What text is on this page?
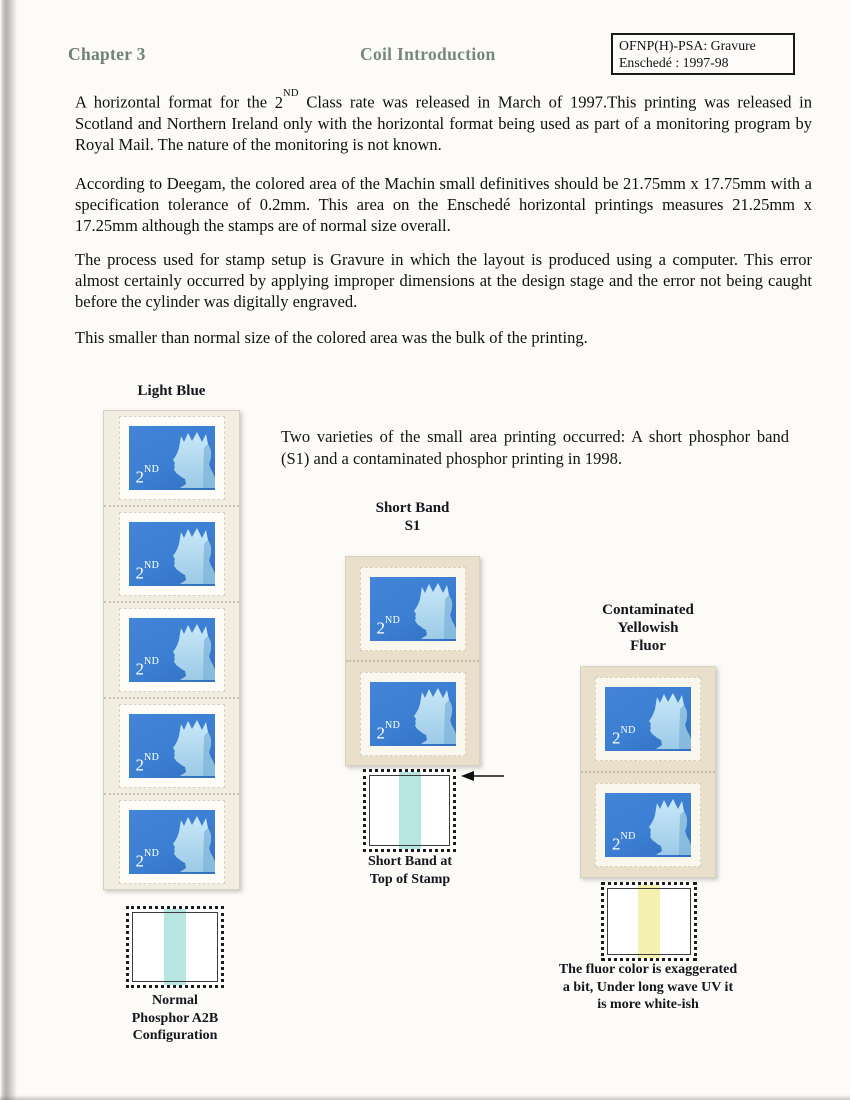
Chapter 3	Coil Introduction	OFNP(H)-PSA: Gravure
Enschedé : 1997-98

A horizontal format for the 2ND Class rate was released in March of 1997.This printing was released in Scotland and Northern Ireland only with the horizontal format being used as part of a monitoring program by Royal Mail. The nature of the monitoring is not known.

According to Deegam, the colored area of the Machin small definitives should be 21.75mm x 17.75mm with a specification tolerance of 0.2mm. This area on the Enschedé horizontal printings measures 21.25mm x 17.25mm although the stamps are of normal size overall.

The process used for stamp setup is Gravure in which the layout is produced using a computer. This error almost certainly occurred by applying improper dimensions at the design stage and the error not being caught before the cylinder was digitally engraved.

This smaller than normal size of the colored area was the bulk of the printing.

Two varieties of the small area printing occurred: A short phosphor band (S1) and a contaminated phosphor printing in 1998.

Light Blue
Short Band
S1
Contaminated
Yellowish
Fluor
2ND
2ND
2ND
2ND
2ND
2ND
2ND
2ND
2ND
Normal
Phosphor A2B
Configuration
Short Band at
Top of Stamp
The fluor color is exaggerated
a bit, Under long wave UV it
is more white-ish
